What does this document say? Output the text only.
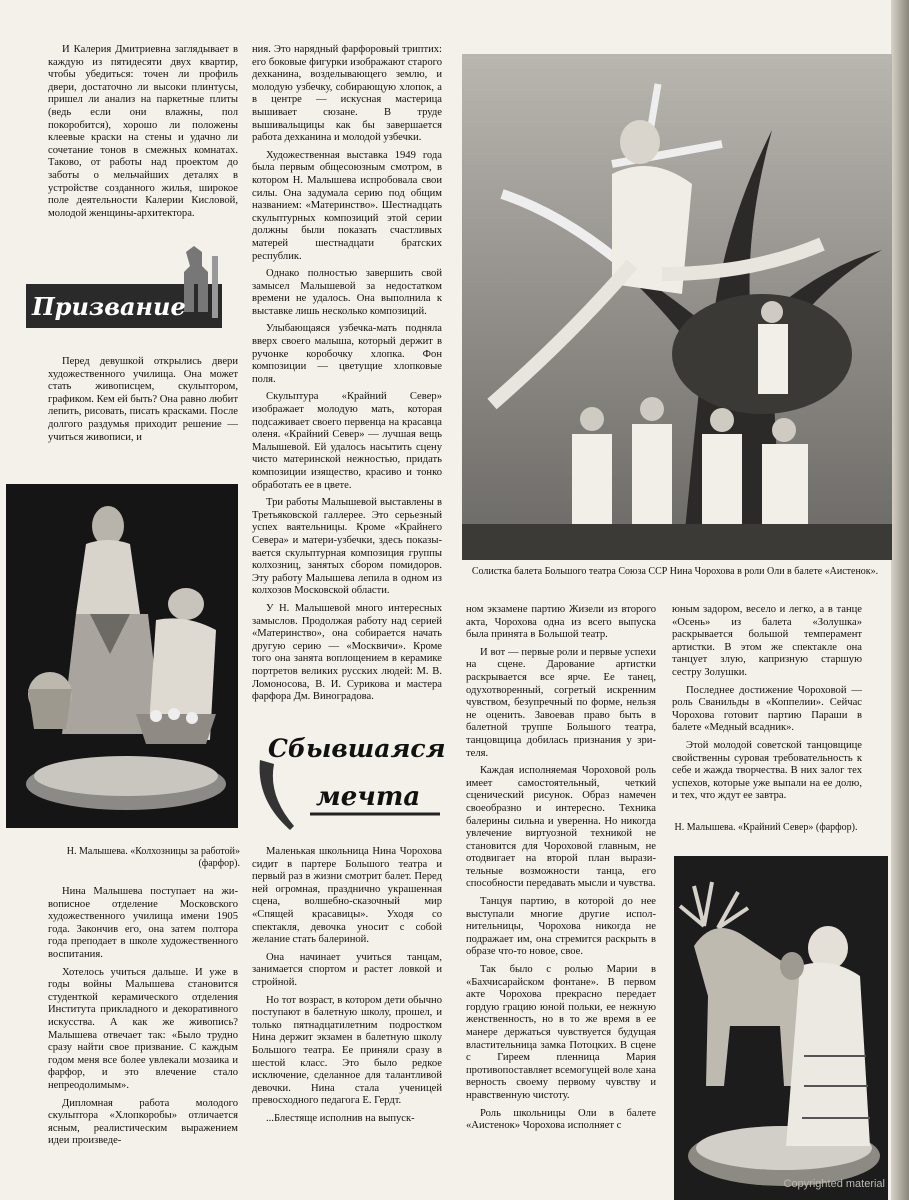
И Калерия Дмитриевна заглядывает в каждую из пятидесяти двух квартир, чтобы убедиться: точен ли профиль двери, достаточно ли высоки плинтусы, пришел ли анализ на паркетные плиты (ведь если они влажны, пол покоробится), хорошо ли положены клеевые краски на стены и удачно ли сочетание тонов в смежных комнатах. Таково, от работы над проектом до заботы о мельчайших деталях в устройстве созданного жилья, широкое поле деятельности Калерии Кисловой, молодой женщины-архитектора.

Призвание

Перед девушкой открылись двери художественного училища. Она может стать живописцем, скульптором, графиком. Кем ей быть? Она равно любит лепить, рисовать, писать красками. После долгого раздумья приходит решение — учиться живописи, и

Н. Малышева. «Колхозницы за работой» (фарфор).

Нина Малышева поступает на живописное отделение Московского художественного училища имени 1905 года. Закончив его, она затем полтора года преподает в школе художественного воспитания.

Хотелось учиться дальше. И уже в годы войны Малышева становится студенткой керамического отделения Института прикладного и декоративного искусства. А как же живопись? Малышева отвечает так: «Было трудно сразу найти свое призвание. С каждым годом меня все более увлекали мозаика и фарфор, и это влечение стало непреодолимым».

Дипломная работа молодого скульптора «Хлопкоробы» отличается ясным, реалистическим выражением идеи произведе-

ния. Это нарядный фарфоровый триптих: его боковые фигурки изображают старого дехканина, возделывающего землю, и молодую узбечку, собирающую хлопок, а в центре — искусная мастерица вышивает сюзане. В труде вышивальщицы как бы завершается работа дехканина и молодой узбечки.

Художественная выставка 1949 года была первым общесоюзным смотром, в котором Н. Малышева испробовала свои силы. Она задумала серию под общим названием: «Материнство». Шестнадцать скульптурных композиций этой серии должны были показать счастливых матерей шестнадцати братских республик.

Однако полностью завершить свой замысел Малышевой за недостатком времени не удалось. Она выполнила к выставке лишь несколько композиций.

Улыбающаяся узбечка-мать подняла вверх своего малыша, который держит в ручонке коробочку хлопка. Фон композиции — цветущие хлопковые поля.

Скульптура «Крайний Север» изображает молодую мать, которая подсаживает своего первенца на красавца оленя. «Крайний Север» — лучшая вещь Малышевой. Ей удалось насытить сцену чисто материнской нежностью, придать композиции изящество, красиво и тонко обработать ее в цвете.

Три работы Малышевой выставлены в Третьяковской галлерее. Это серьезный успех ваятельницы. Кроме «Крайнего Севера» и матери-узбечки, здесь показывается скульптурная композиция группы колхозниц, занятых сбором помидоров. Эту работу Малышева лепила в одном из колхозов Московской области.

У Н. Малышевой много интересных замыслов. Продолжая работу над серией «Материнство», она собирается начать другую серию — «Москвичи». Кроме того она занята воплощением в керамике портретов великих русских людей: М. В. Ломоносова, В. И. Сурикова и мастера фарфора Дм. Виноградова.

Сбывшаяся
мечта

Маленькая школьница Нина Чорохова сидит в партере Большого театра и первый раз в жизни смотрит балет. Перед ней огромная, празднично украшенная сцена, волшебно-сказочный мир «Спящей красавицы». Уходя со спектакля, девочка уносит с собой желание стать балериной.

Она начинает учиться танцам, занимается спортом и растет ловкой и стройной.

Но тот возраст, в котором дети обычно поступают в балетную школу, прошел, и только пятнадцатилетним подростком Нина держит экзамен в балетную школу Большого театра. Ее приняли сразу в шестой класс. Это было редкое исключение, сделанное для талантливой девочки. Нина стала ученицей превосходного педагога Е. Гердт.

...Блестяще исполнив на выпуск-

Солистка балета Большого театра Союза ССР Нина Чорохова в роли Оли в балете «Аистенок».

ном экзамене партию Жизели из второго акта, Чорохова одна из всего выпуска была принята в Большой театр.

И вот — первые роли и первые успехи на сцене. Дарование артистки раскрывается все ярче. Ее танец, одухотворенный, согретый искренним чувством, безупречный по форме, нельзя не оценить. Завоевав право быть в балетной труппе Большого театра, танцовщица добилась признания у зрителя.

Каждая исполняемая Чороховой роль имеет самостоятельный, четкий сценический рисунок. Образ намечен своеобразно и интересно. Техника балерины сильна и уверенна. Но никогда увлечение виртуозной техникой не становится для Чороховой главным, не отодвигает на второй план выразительные возможности танца, его способности передавать мысли и чувства.

Танцуя партию, в которой до нее выступали многие другие исполнительницы, Чорохова никогда не подражает им, она стремится раскрыть в образе что-то новое, свое.

Так было с ролью Марии в «Бахчисарайском фонтане». В первом акте Чорохова прекрасно передает гордую грацию юной польки, ее нежную женственность, но в то же время в ее манере держаться чувствуется будущая властительница замка Потоцких. В сцене с Гиреем пленница Мария противопоставляет всемогущей воле хана верность своему первому чувству и нравственную чистоту.

Роль школьницы Оли в балете «Аистенок» Чорохова исполняет с

юным задором, весело и легко, а в танце «Осень» из балета «Золушка» раскрывается большой темперамент артистки. В этом же спектакле она танцует злую, капризную старшую сестру Золушки.

Последнее достижение Чороховой — роль Сванильды в «Коппелии». Сейчас Чорохова готовит партию Параши в балете «Медный всадник».

Этой молодой советской танцовщице свойственны суровая требовательность к себе и жажда творчества. В них залог тех успехов, которые уже выпали на ее долю, и тех, что ждут ее завтра.

Н. Малышева. «Крайний Север» (фарфор).
Copyrighted material
